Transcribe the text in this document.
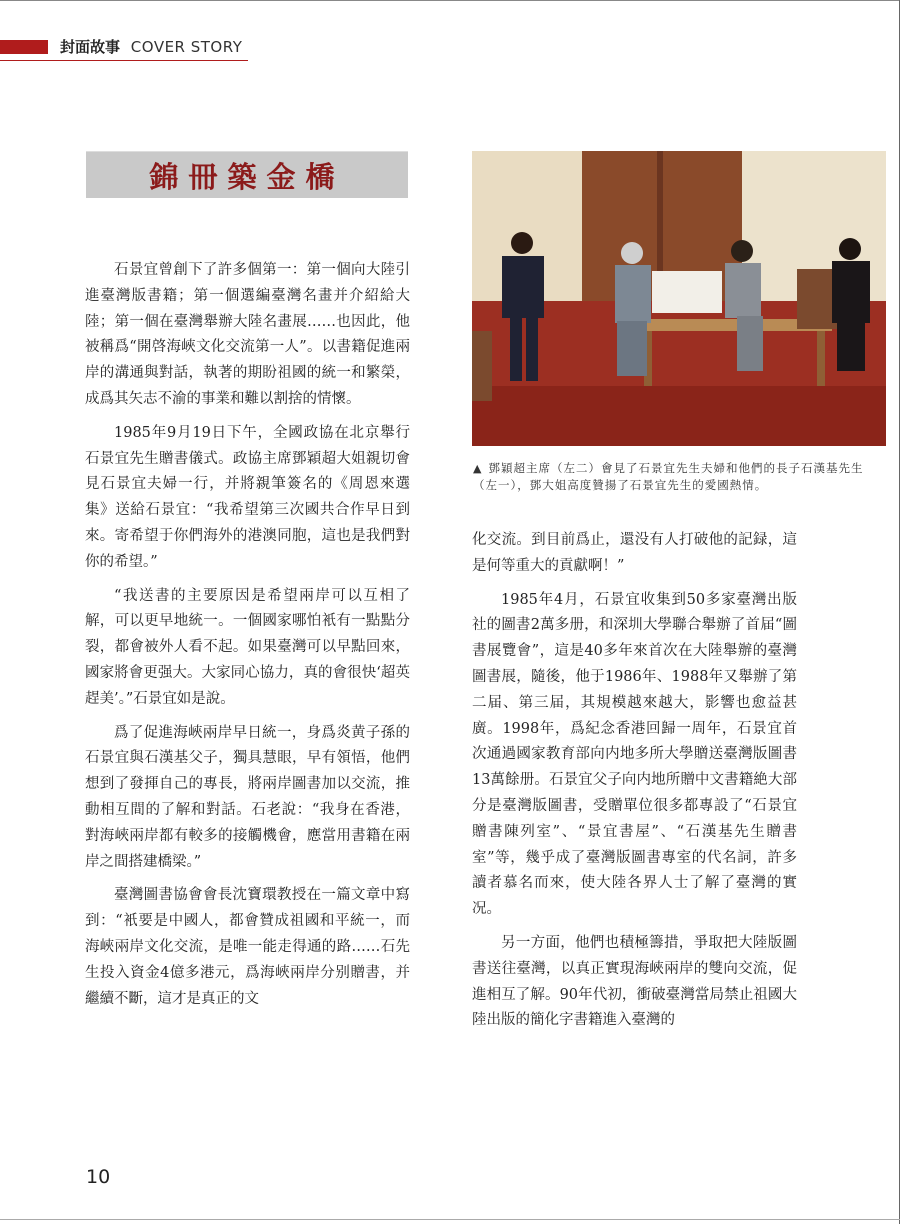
封面故事 COVER STORY
錦冊築金橋

石景宜曾創下了許多個第一：第一個向大陸引進臺灣版書籍；第一個選編臺灣名畫并介紹給大陸；第一個在臺灣舉辦大陸名畫展……也因此，他被稱爲“開啓海峽文化交流第一人”。以書籍促進兩岸的溝通與對話，執著的期盼祖國的統一和繁榮，成爲其矢志不渝的事業和難以割捨的情懷。

1985年9月19日下午，全國政協在北京舉行石景宜先生贈書儀式。政協主席鄧穎超大姐親切會見石景宜夫婦一行，并將親筆簽名的《周恩來選集》送給石景宜：“我希望第三次國共合作早日到來。寄希望于你們海外的港澳同胞，這也是我們對你的希望。”

“我送書的主要原因是希望兩岸可以互相了解，可以更早地統一。一個國家哪怕衹有一點點分裂，都會被外人看不起。如果臺灣可以早點回來，國家將會更强大。大家同心協力，真的會很快‘超英趕美’。”石景宜如是說。

爲了促進海峽兩岸早日統一，身爲炎黄子孫的石景宜與石漢基父子，獨具慧眼，早有領悟，他們想到了發揮自己的專長，將兩岸圖書加以交流，推動相互間的了解和對話。石老說：“我身在香港，對海峽兩岸都有較多的接觸機會，應當用書籍在兩岸之間搭建橋梁。”

臺灣圖書協會會長沈寶環教授在一篇文章中寫到：“衹要是中國人，都會贊成祖國和平統一，而海峽兩岸文化交流，是唯一能走得通的路……石先生投入資金4億多港元，爲海峽兩岸分别贈書，并繼續不斷，這才是真正的文

▲ 鄧穎超主席（左二）會見了石景宜先生夫婦和他們的長子石漢基先生（左一），鄧大姐高度贊揚了石景宜先生的愛國熱情。

化交流。到目前爲止，還没有人打破他的記録，這是何等重大的貢獻啊！”

1985年4月，石景宜收集到50多家臺灣出版社的圖書2萬多册，和深圳大學聯合舉辦了首届“圖書展覽會”，這是40多年來首次在大陸舉辦的臺灣圖書展，隨後，他于1986年、1988年又舉辦了第二届、第三届，其規模越來越大，影響也愈益甚廣。1998年，爲紀念香港回歸一周年，石景宜首次通過國家教育部向内地多所大學贈送臺灣版圖書13萬餘册。石景宜父子向内地所贈中文書籍絶大部分是臺灣版圖書，受贈單位很多都專設了“石景宜贈書陳列室”、“景宜書屋”、“石漢基先生贈書室”等，幾乎成了臺灣版圖書專室的代名詞，許多讀者慕名而來，使大陸各界人士了解了臺灣的實况。

另一方面，他們也積極籌措，爭取把大陸版圖書送往臺灣，以真正實現海峽兩岸的雙向交流，促進相互了解。90年代初，衝破臺灣當局禁止祖國大陸出版的簡化字書籍進入臺灣的

10
